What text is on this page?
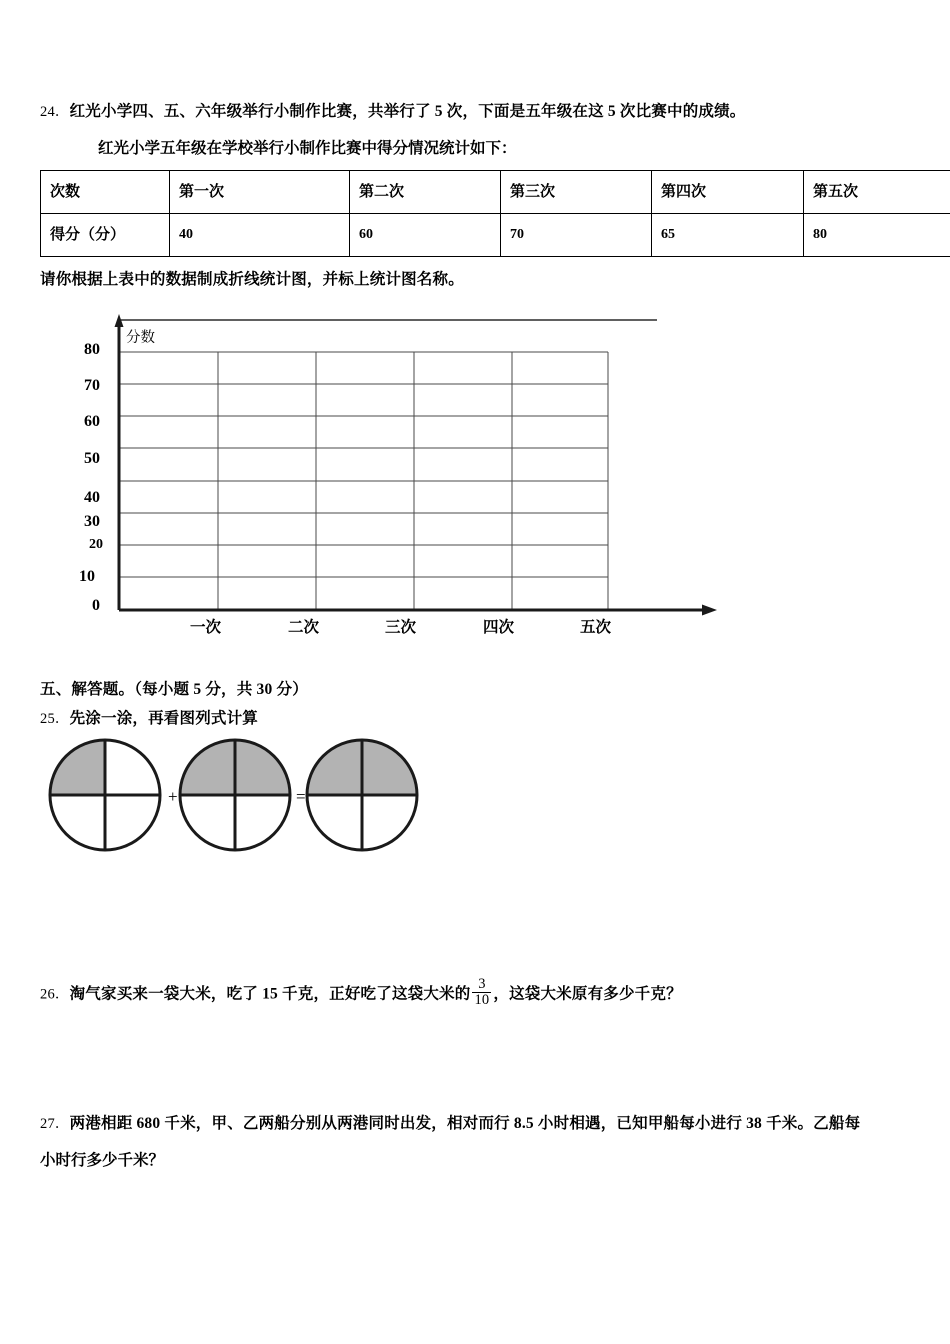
24．红光小学四、五、六年级举行小制作比赛，共举行了 5 次，下面是五年级在这 5 次比赛中的成绩。
红光小学五年级在学校举行小制作比赛中得分情况统计如下：
次数	第一次	第二次	第三次	第四次	第五次
得分（分）	40	60	70	65	80
请你根据上表中的数据制成折线统计图，并标上统计图名称。
分数
80
70
60
50
40
30
20
10
0
一次	二次	三次	四次	五次
五、解答题。（每小题 5 分，共 30 分）
25．先涂一涂，再看图列式计算
+	=
26．淘气家买来一袋大米，吃了 15 千克，正好吃了这袋大米的 $\frac{3}{10}$ ，这袋大米原有多少千克？
27．两港相距 680 千米，甲、乙两船分别从两港同时出发，相对而行 8.5 小时相遇，已知甲船每小进行 38 千米。乙船每
小时行多少千米？
